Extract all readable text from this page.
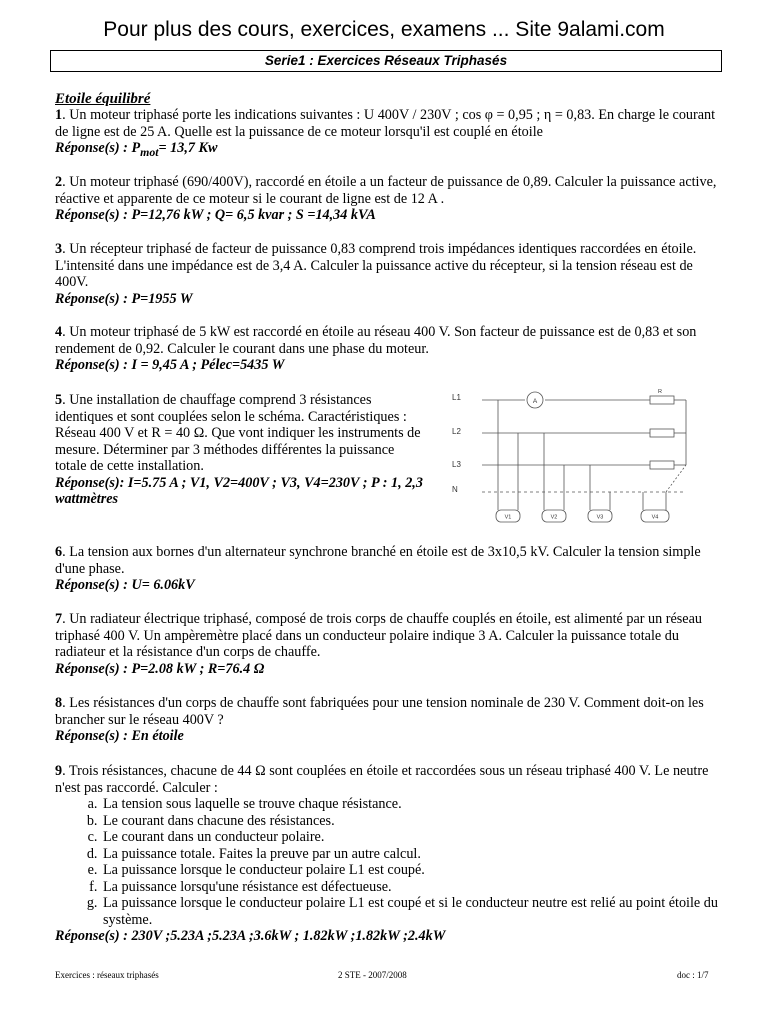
Pour plus des cours, exercices, examens ... Site 9alami.com
Serie1 : Exercices Réseaux Triphasés
Etoile équilibré

1. Un moteur triphasé porte les indications suivantes : U 400V / 230V ; cos φ = 0,95 ; η = 0,83. En charge le courant de ligne est de 25 A. Quelle est la puissance de ce moteur lorsqu'il est couplé en étoile

Réponse(s) : $P_{mot}= 13,7$ Kw

2. Un moteur triphasé (690/400V), raccordé en étoile a un facteur de puissance de 0,89. Calculer la puissance active, réactive et apparente de ce moteur si le courant de ligne est de 12 A .

Réponse(s) : P=12,76 kW ; Q= 6,5 kvar ; S =14,34 kVA

3. Un récepteur triphasé de facteur de puissance 0,83 comprend trois impédances identiques raccordées en étoile. L'intensité dans une impédance est de 3,4 A. Calculer la puissance active du récepteur, si la tension réseau est de 400V.

Réponse(s) : P=1955 W

4. Un moteur triphasé de 5 kW est raccordé en étoile au réseau 400 V. Son facteur de puissance est de 0,83 et son rendement de 0,92. Calculer le courant dans une phase du moteur.

Réponse(s) : I = 9,45 A ; Pélec=5435 W

5. Une installation de chauffage comprend 3 résistances identiques et sont couplées selon le schéma. Caractéristiques : Réseau 400 V et R = 40 Ω. Que vont indiquer les instruments de mesure. Déterminer par 3 méthodes différentes la puissance totale de cette installation.

Réponse(s): I=5.75 A ; V1, V2=400V ; V3, V4=230V ; P : 1, 2,3 wattmètres

L1
L2
L3
N
A
R
V1	V2	V3	V4

6. La tension aux bornes d'un alternateur synchrone branché en étoile est de 3x10,5 kV. Calculer la tension simple d'une phase.

Réponse(s) : U= 6.06kV

7. Un radiateur électrique triphasé, composé de trois corps de chauffe couplés en étoile, est alimenté par un réseau triphasé 400 V. Un ampèremètre placé dans un conducteur polaire indique 3 A. Calculer la puissance totale du radiateur et la résistance d'un corps de chauffe.

Réponse(s) : P=2.08 kW ; R=76.4 Ω

8. Les résistances d'un corps de chauffe sont fabriquées pour une tension nominale de 230 V. Comment doit-on les brancher sur le réseau 400V ?

Réponse(s) : En étoile

9. Trois résistances, chacune de 44 Ω sont couplées en étoile et raccordées sous un réseau triphasé 400 V. Le neutre n'est pas raccordé. Calculer :

a. La tension sous laquelle se trouve chaque résistance.
b. Le courant dans chacune des résistances.
c. Le courant dans un conducteur polaire.
d. La puissance totale. Faites la preuve par un autre calcul.
e. La puissance lorsque le conducteur polaire L1 est coupé.
f. La puissance lorsqu'une résistance est défectueuse.
g. La puissance lorsque le conducteur polaire L1 est coupé et si le conducteur neutre est relié au point étoile du système.

Réponse(s) : 230V ;5.23A ;5.23A ;3.6kW ; 1.82kW ;1.82kW ;2.4kW

Exercices : réseaux triphasés	2 STE - 2007/2008	doc : 1/7
